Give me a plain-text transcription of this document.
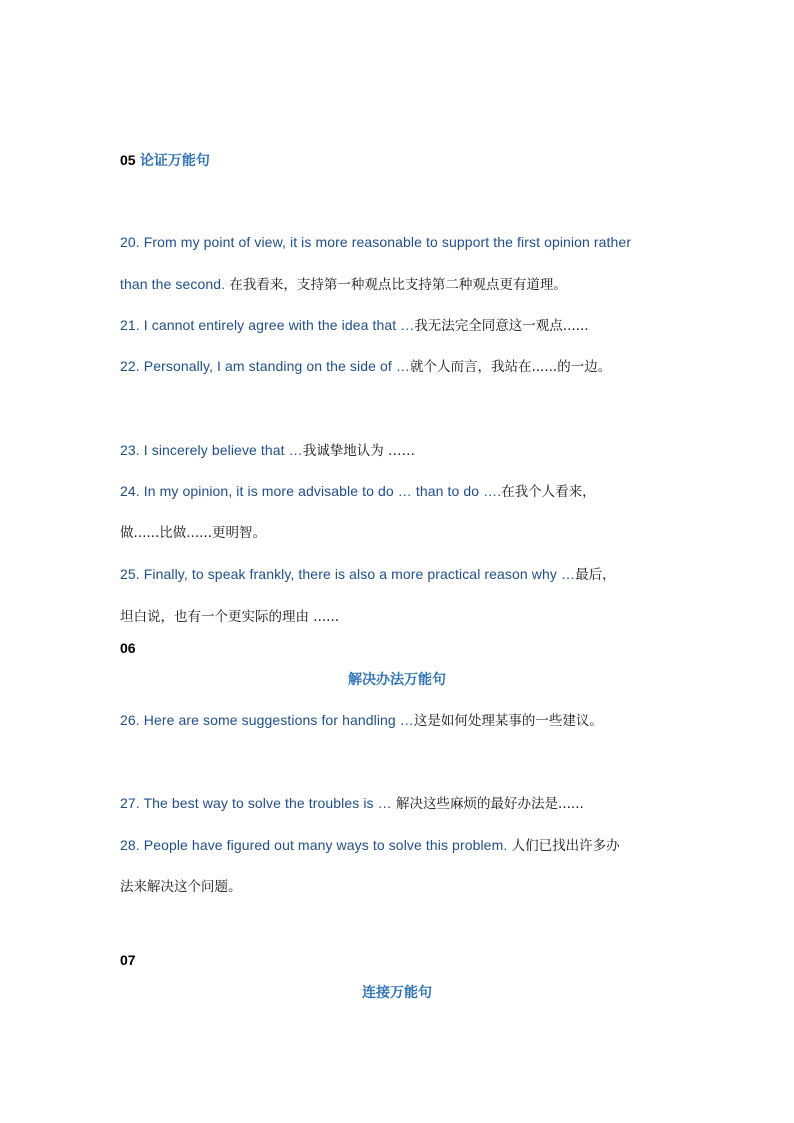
05 论证万能句
20. From my point of view, it is more reasonable to support the first opinion rather
than the second. 在我看来，支持第一种观点比支持第二种观点更有道理。
21. I cannot entirely agree with the idea that …我无法完全同意这一观点......
22. Personally, I am standing on the side of …就个人而言，我站在......的一边。
23. I sincerely believe that …我诚挚地认为 ……
24. In my opinion, it is more advisable to do … than to do ….在我个人看来，
做......比做......更明智。
25. Finally, to speak frankly, there is also a more practical reason why …最后，
坦白说，也有一个更实际的理由 ......
06
解决办法万能句
26. Here are some suggestions for handling …这是如何处理某事的一些建议。
27. The best way to solve the troubles is … 解决这些麻烦的最好办法是......
28. People have figured out many ways to solve this problem. 人们已找出许多办
法来解决这个问题。
07
连接万能句
